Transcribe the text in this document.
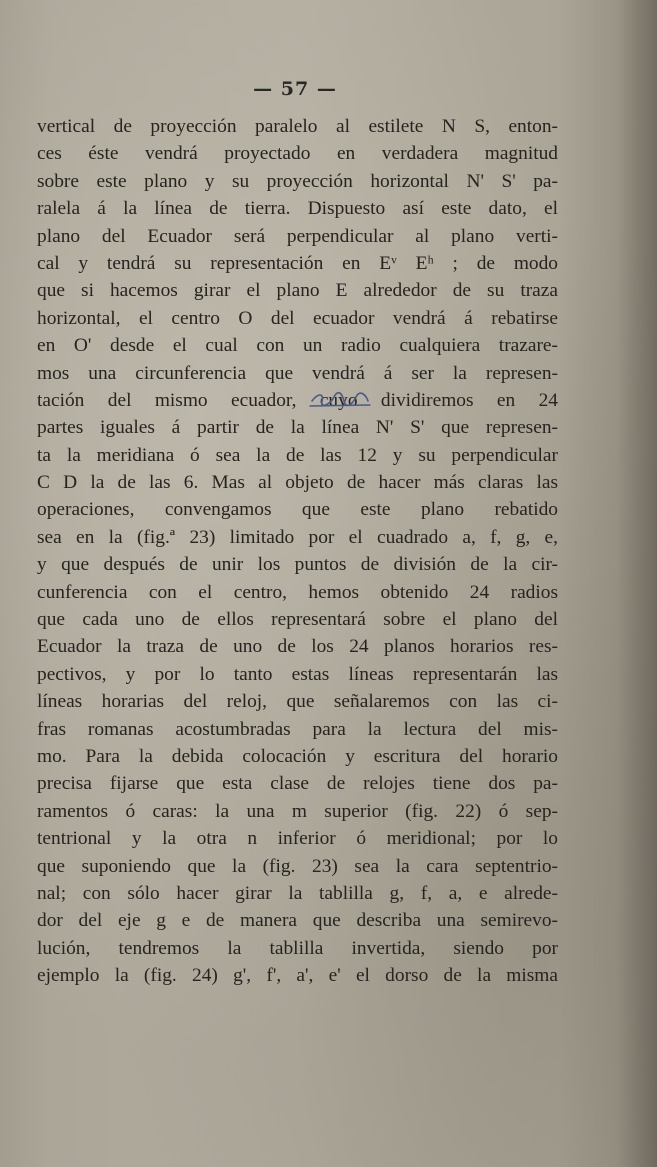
— 57 —
vertical de proyección paralelo al estilete N S, enton-
ces éste vendrá proyectado en verdadera magnitud
sobre este plano y su proyección horizontal N' S' pa-
ralela á la línea de tierra. Dispuesto así este dato, el
plano del Ecuador será perpendicular al plano verti-
cal y tendrá su representación en Eᵛ Eʰ ; de modo
que si hacemos girar el plano E alrededor de su traza
horizontal, el centro O del ecuador vendrá á rebatirse
en O' desde el cual con un radio cualquiera trazare-
mos una circunferencia que vendrá á ser la represen-
tación del mismo ecuador, cuyo dividiremos en 24
partes iguales á partir de la línea N' S' que represen-
ta la meridiana ó sea la de las 12 y su perpendicular
C D la de las 6. Mas al objeto de hacer más claras las
operaciones, convengamos que este plano rebatido
sea en la (fig.ª 23) limitado por el cuadrado a, f, g, e,
y que después de unir los puntos de división de la cir-
cunferencia con el centro, hemos obtenido 24 radios
que cada uno de ellos representará sobre el plano del
Ecuador la traza de uno de los 24 planos horarios res-
pectivos, y por lo tanto estas líneas representarán las
líneas horarias del reloj, que señalaremos con las ci-
fras romanas acostumbradas para la lectura del mis-
mo. Para la debida colocación y escritura del horario
precisa fijarse que esta clase de relojes tiene dos pa-
ramentos ó caras: la una m superior (fig. 22) ó sep-
tentrional y la otra n inferior ó meridional; por lo
que suponiendo que la (fig. 23) sea la cara septentrio-
nal; con sólo hacer girar la tablilla g, f, a, e alrede-
dor del eje g e de manera que describa una semirevo-
lución, tendremos la tablilla invertida, siendo por
ejemplo la (fig. 24) g', f', a', e' el dorso de la misma
